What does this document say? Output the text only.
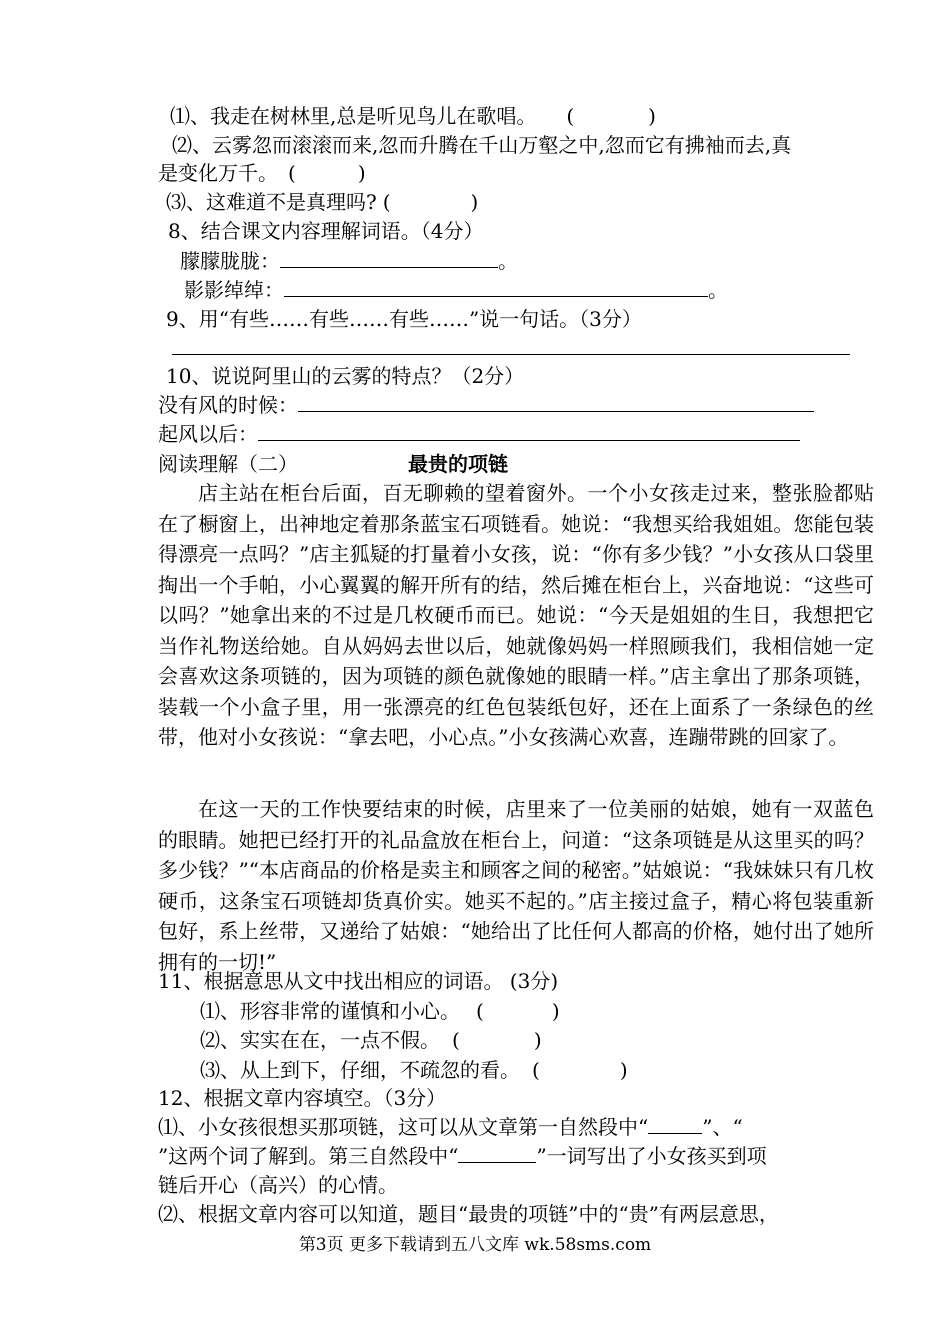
⑴、我走在树林里,总是听见鸟儿在歌唱。 (	)
⑵、云雾忽而滚滚而来,忽而升腾在千山万壑之中,忽而它有拂袖而去,真
是变化万千。 (	)
⑶、这难道不是真理吗? (	)
8、结合课文内容理解词语。（4分）
朦朦胧胧：	。
影影绰绰：	。
9、用“有些……有些……有些……”说一句话。（3分）
10、说说阿里山的云雾的特点？（2分）
没有风的时候：
起风以后：
阅读理解（二）	最贵的项链

店主站在柜台后面，百无聊赖的望着窗外。一个小女孩走过来，整张脸都贴在了橱窗上，出神地定着那条蓝宝石项链看。她说：“我想买给我姐姐。您能包装得漂亮一点吗？”店主狐疑的打量着小女孩，说：“你有多少钱？”小女孩从口袋里掏出一个手帕，小心翼翼的解开所有的结，然后摊在柜台上，兴奋地说：“这些可以吗？”她拿出来的不过是几枚硬币而已。她说：“今天是姐姐的生日，我想把它当作礼物送给她。自从妈妈去世以后，她就像妈妈一样照顾我们，我相信她一定会喜欢这条项链的，因为项链的颜色就像她的眼睛一样。”店主拿出了那条项链，装载一个小盒子里，用一张漂亮的红色包装纸包好，还在上面系了一条绿色的丝带，他对小女孩说：“拿去吧，小心点。”小女孩满心欢喜，连蹦带跳的回家了。

在这一天的工作快要结束的时候，店里来了一位美丽的姑娘，她有一双蓝色的眼睛。她把已经打开的礼品盒放在柜台上，问道：“这条项链是从这里买的吗？多少钱？”“本店商品的价格是卖主和顾客之间的秘密。”姑娘说：“我妹妹只有几枚硬币，这条宝石项链却货真价实。她买不起的。”店主接过盒子，精心将包装重新包好，系上丝带，又递给了姑娘：“她给出了比任何人都高的价格，她付出了她所拥有的一切!”

11、根据意思从文中找出相应的词语。 (3分)
⑴、形容非常的谨慎和小心。 (	)
⑵、实实在在，一点不假。 (	)
⑶、从上到下，仔细，不疏忽的看。 (	)
12、根据文章内容填空。（3分）
⑴、小女孩很想买那项链，这可以从文章第一自然段中“	”、“
”这两个词了解到。第三自然段中“	”一词写出了小女孩买到项
链后开心（高兴）的心情。
⑵、根据文章内容可以知道，题目“最贵的项链”中的“贵”有两层意思，
第3页 更多下载请到五八文库 wk.58sms.com
